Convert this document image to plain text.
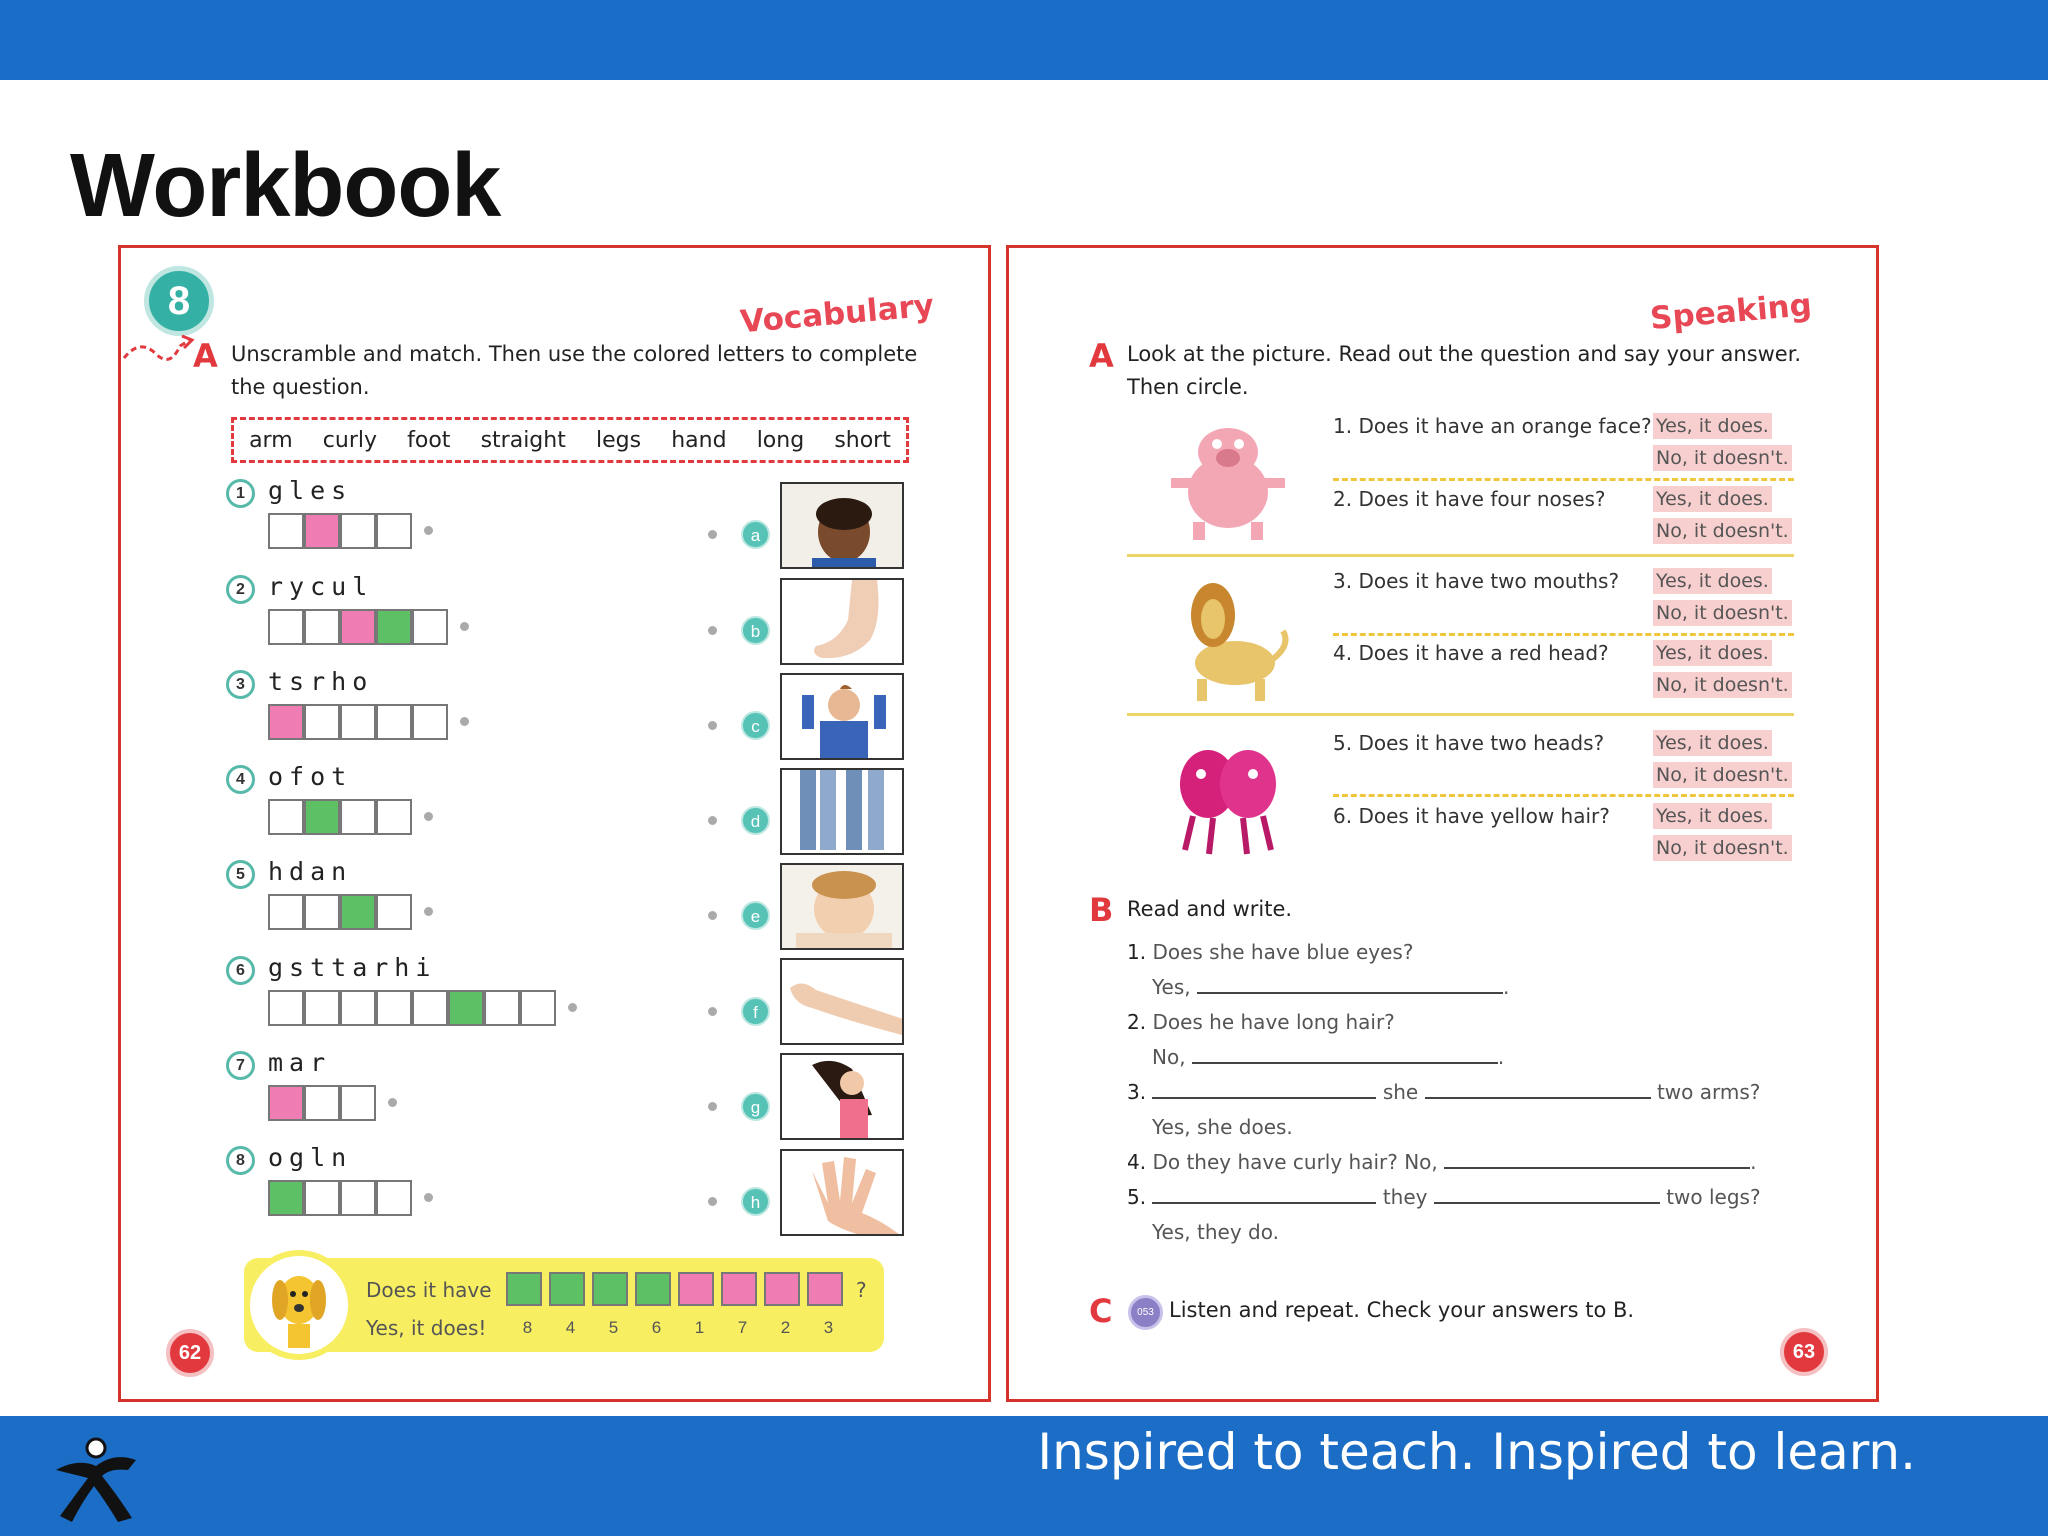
Workbook
8	Vocabulary
A Unscramble and match. Then use the colored letters to complete
the question.
arm curly foot straight legs hand long short
1 gles
a
2 rycul
b
3 tsrho
c
4 ofot
d
5 hdan
e
6 gsttarhi
f
7 mar
g
8 ogln
h
Does it have
Yes, it does!
?
8	4	5	6	1	7	2	3
62
Speaking
A Look at the picture. Read out the question and say your answer.
Then circle.
1. Does it have an orange face? Yes, it does.
No, it doesn't.
2. Does it have four noses?	Yes, it does.
No, it doesn't.
3. Does it have two mouths? Yes, it does.
No, it doesn't.
4. Does it have a red head? Yes, it does.
No, it doesn't.
5. Does it have two heads?	Yes, it does.
No, it doesn't.
6. Does it have yellow hair? Yes, it does.
No, it doesn't.
B Read and write.
1. Does she have blue eyes?
Yes,	.
2. Does he have long hair?
No,	.
3.	she	two arms?
Yes, she does.
4. Do they have curly hair? No,	.
5.	they	two legs?
Yes, they do.
C	053 Listen and repeat. Check your answers to B.
63
Inspired to teach. Inspired to learn.
